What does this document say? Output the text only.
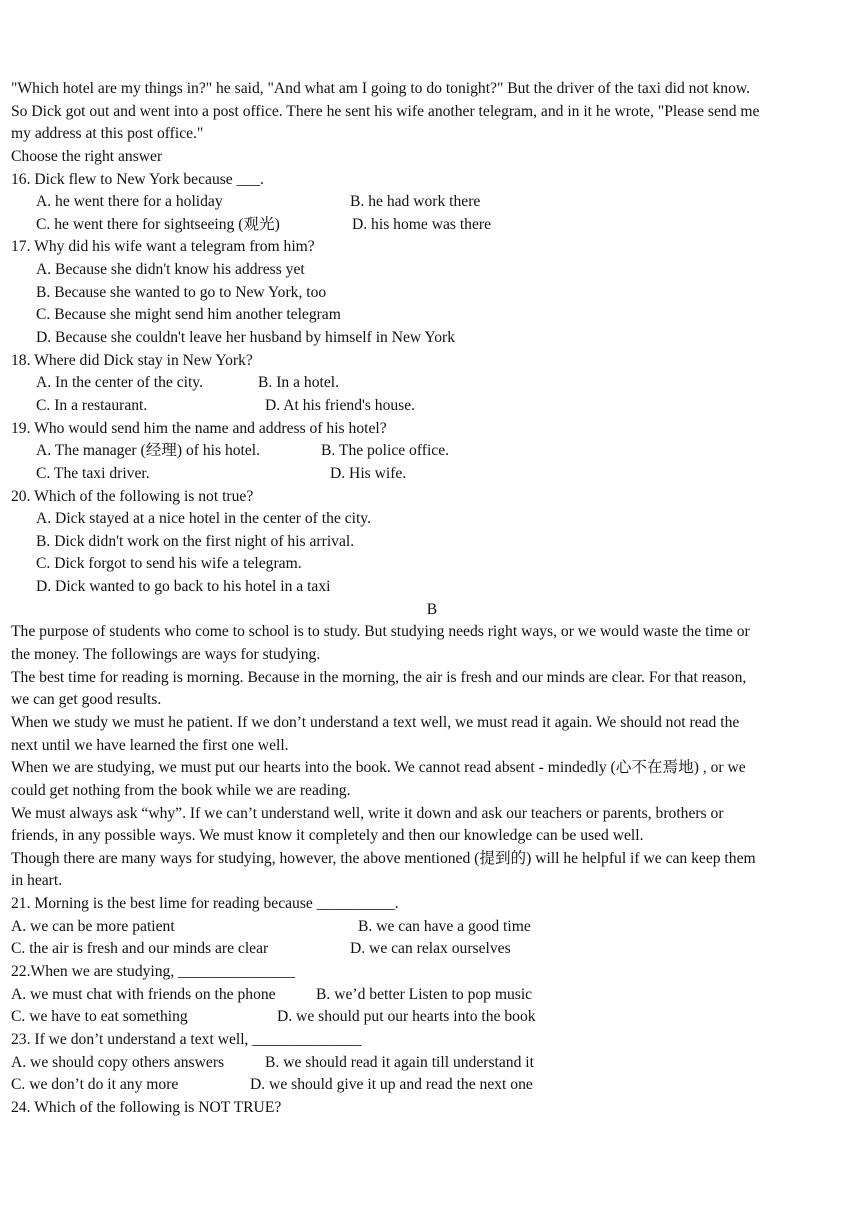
"Which hotel are my things in?" he said, "And what am I going to do tonight?" But the driver of the taxi did not know.
So Dick got out and went into a post office. There he sent his wife another telegram, and in it he wrote, "Please send me
my address at this post office."
Choose the right answer
16. Dick flew to New York because ___.
A. he went there for a holiday	B. he had work there
C. he went there for sightseeing (观光)	D. his home was there
17. Why did his wife want a telegram from him?
A. Because she didn't know his address yet
B. Because she wanted to go to New York, too
C. Because she might send him another telegram
D. Because she couldn't leave her husband by himself in New York
18. Where did Dick stay in New York?
A. In the center of the city.	B. In a hotel.
C. In a restaurant.	D. At his friend's house.
19. Who would send him the name and address of his hotel?
A. The manager (经理) of his hotel.	B. The police office.
C. The taxi driver.	D. His wife.
20. Which of the following is not true?
A. Dick stayed at a nice hotel in the center of the city.
B. Dick didn't work on the first night of his arrival.
C. Dick forgot to send his wife a telegram.
D. Dick wanted to go back to his hotel in a taxi
B
The purpose of students who come to school is to study. But studying needs right ways, or we would waste the time or
the money. The followings are ways for studying.
The best time for reading is morning. Because in the morning, the air is fresh and our minds are clear. For that reason,
we can get good results.
When we study we must he patient. If we don’t understand a text well, we must read it again. We should not read the
next until we have learned the first one well.
When we are studying, we must put our hearts into the book. We cannot read absent - mindedly (心不在焉地) , or we
could get nothing from the book while we are reading.
We must always ask “why”. If we can’t understand well, write it down and ask our teachers or parents, brothers or
friends, in any possible ways. We must know it completely and then our knowledge can be used well.
Though there are many ways for studying, however, the above mentioned (提到的) will he helpful if we can keep them
in heart.
21. Morning is the best lime for reading because __________.
A. we can be more patient	B. we can have a good time
C. the air is fresh and our minds are clear	D. we can relax ourselves
22.When we are studying, _______________
A. we must chat with friends on the phone	B. we’d better Listen to pop music
C. we have to eat something	D. we should put our hearts into the book
23. If we don’t understand a text well, ______________
A. we should copy others answers	B. we should read it again till understand it
C. we don’t do it any more	D. we should give it up and read the next one
24. Which of the following is NOT TRUE?
